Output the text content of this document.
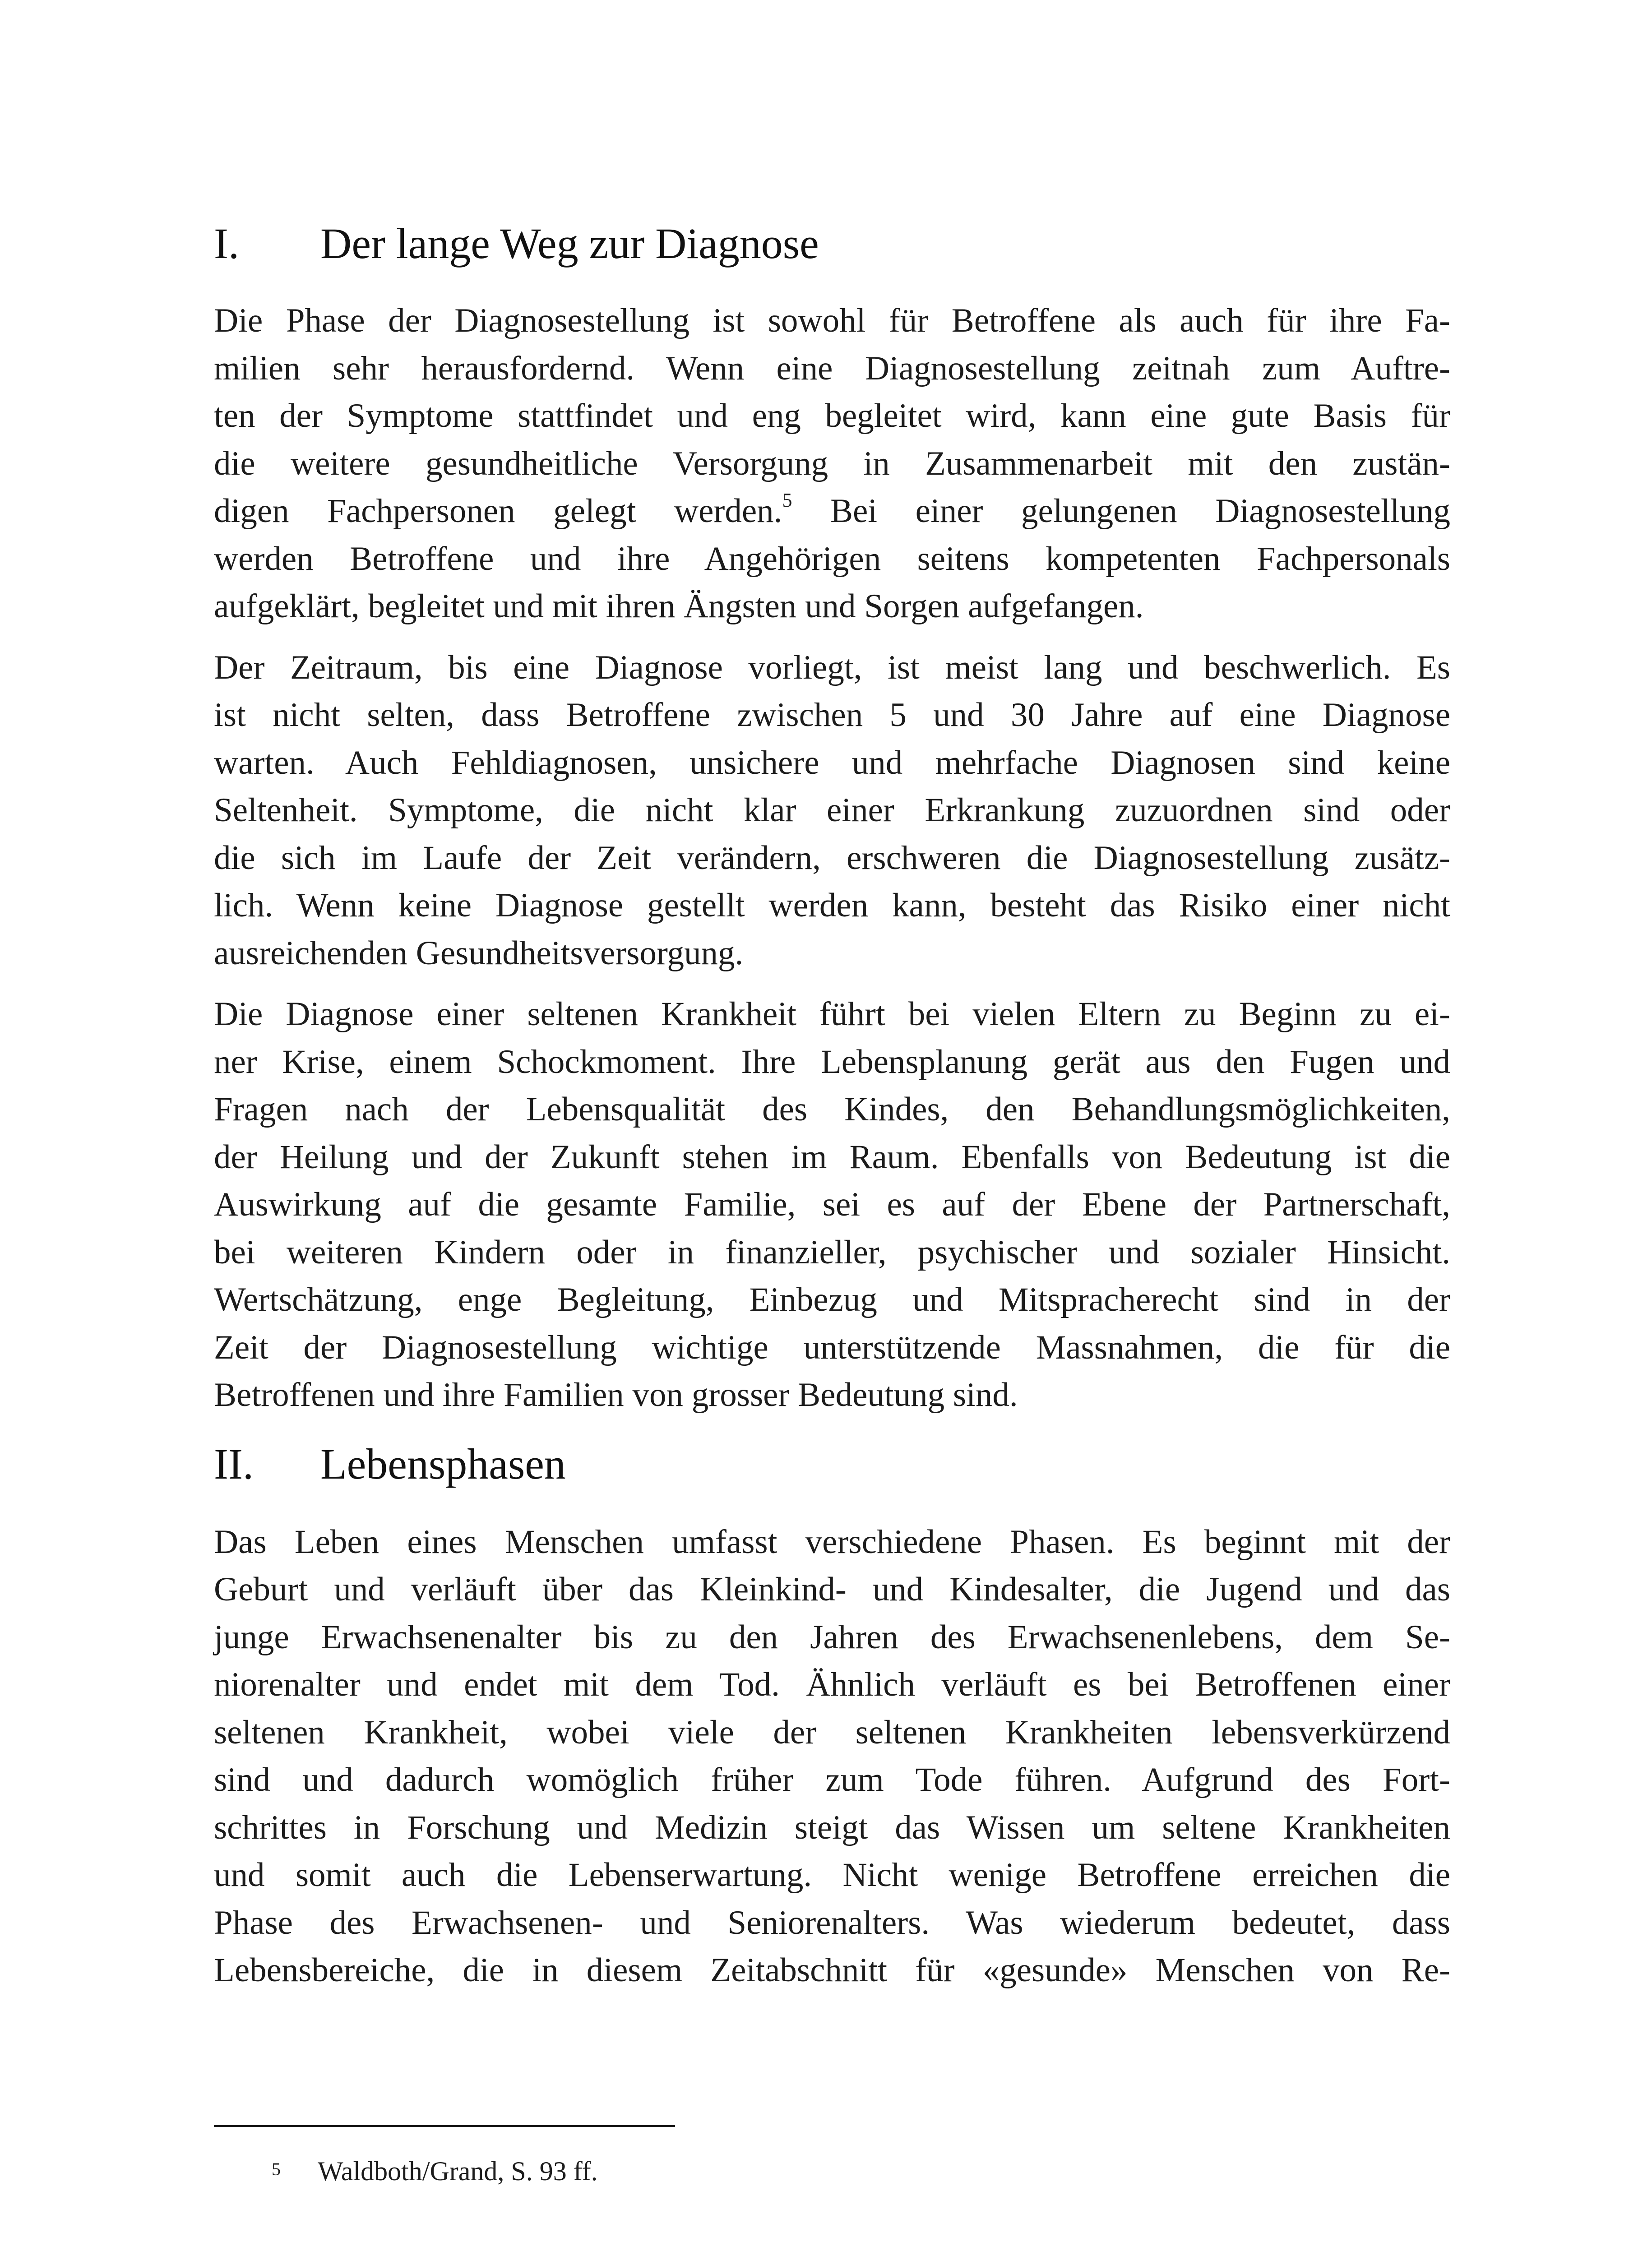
I.	Der lange Weg zur Diagnose

Die Phase der Diagnosestellung ist sowohl für Betroffene als auch für ihre Fa-
milien sehr herausfordernd. Wenn eine Diagnosestellung zeitnah zum Auftre-
ten der Symptome stattfindet und eng begleitet wird, kann eine gute Basis für
die weitere gesundheitliche Versorgung in Zusammenarbeit mit den zustän-
digen Fachpersonen gelegt werden.$^5$ Bei einer gelungenen Diagnosestellung
werden Betroffene und ihre Angehörigen seitens kompetenten Fachpersonals
aufgeklärt, begleitet und mit ihren Ängsten und Sorgen aufgefangen.

Der Zeitraum, bis eine Diagnose vorliegt, ist meist lang und beschwerlich. Es
ist nicht selten, dass Betroffene zwischen 5 und 30 Jahre auf eine Diagnose
warten. Auch Fehldiagnosen, unsichere und mehrfache Diagnosen sind keine
Seltenheit. Symptome, die nicht klar einer Erkrankung zuzuordnen sind oder
die sich im Laufe der Zeit verändern, erschweren die Diagnosestellung zusätz-
lich. Wenn keine Diagnose gestellt werden kann, besteht das Risiko einer nicht
ausreichenden Gesundheitsversorgung.

Die Diagnose einer seltenen Krankheit führt bei vielen Eltern zu Beginn zu ei-
ner Krise, einem Schockmoment. Ihre Lebensplanung gerät aus den Fugen und
Fragen nach der Lebensqualität des Kindes, den Behandlungsmöglichkeiten,
der Heilung und der Zukunft stehen im Raum. Ebenfalls von Bedeutung ist die
Auswirkung auf die gesamte Familie, sei es auf der Ebene der Partnerschaft,
bei weiteren Kindern oder in finanzieller, psychischer und sozialer Hinsicht.
Wertschätzung, enge Begleitung, Einbezug und Mitspracherecht sind in der
Zeit der Diagnosestellung wichtige unterstützende Massnahmen, die für die
Betroffenen und ihre Familien von grosser Bedeutung sind.

II.	Lebensphasen

Das Leben eines Menschen umfasst verschiedene Phasen. Es beginnt mit der
Geburt und verläuft über das Kleinkind- und Kindesalter, die Jugend und das
junge Erwachsenenalter bis zu den Jahren des Erwachsenenlebens, dem Se-
niorenalter und endet mit dem Tod. Ähnlich verläuft es bei Betroffenen einer
seltenen Krankheit, wobei viele der seltenen Krankheiten lebensverkürzend
sind und dadurch womöglich früher zum Tode führen. Aufgrund des Fort-
schrittes in Forschung und Medizin steigt das Wissen um seltene Krankheiten
und somit auch die Lebenserwartung. Nicht wenige Betroffene erreichen die
Phase des Erwachsenen- und Seniorenalters. Was wiederum bedeutet, dass
Lebensbereiche, die in diesem Zeitabschnitt für «gesunde» Menschen von Re-

5 Waldboth/Grand, S. 93 ff.
